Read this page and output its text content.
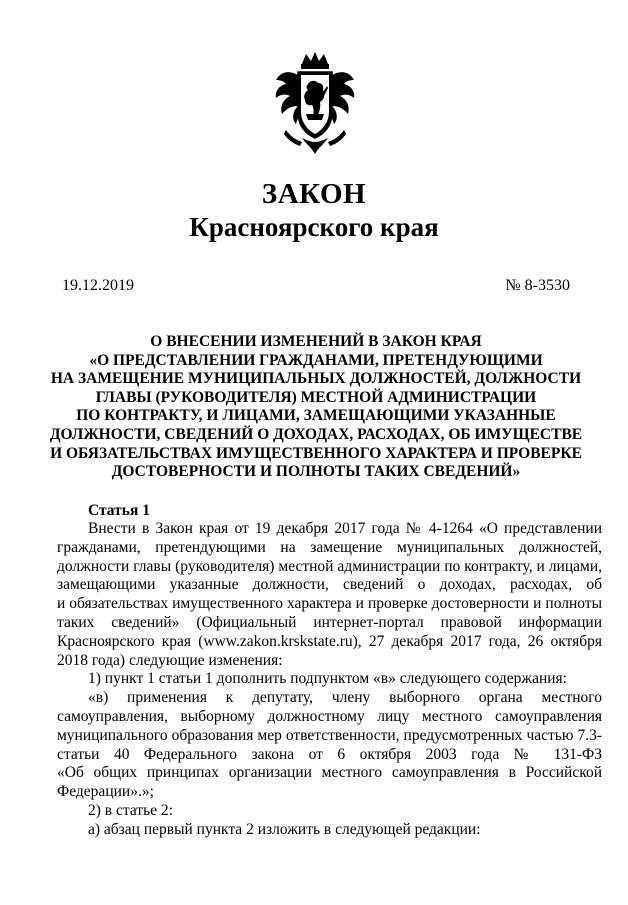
ЗАКОН
Красноярского края
19.12.2019	№ 8-3530
О ВНЕСЕНИИ ИЗМЕНЕНИЙ В ЗАКОН КРАЯ
«О ПРЕДСТАВЛЕНИИ ГРАЖДАНАМИ, ПРЕТЕНДУЮЩИМИ
НА ЗАМЕЩЕНИЕ МУНИЦИПАЛЬНЫХ ДОЛЖНОСТЕЙ, ДОЛЖНОСТИ
ГЛАВЫ (РУКОВОДИТЕЛЯ) МЕСТНОЙ АДМИНИСТРАЦИИ
ПО КОНТРАКТУ, И ЛИЦАМИ, ЗАМЕЩАЮЩИМИ УКАЗАННЫЕ
ДОЛЖНОСТИ, СВЕДЕНИЙ О ДОХОДАХ, РАСХОДАХ, ОБ ИМУЩЕСТВЕ
И ОБЯЗАТЕЛЬСТВАХ ИМУЩЕСТВЕННОГО ХАРАКТЕРА И ПРОВЕРКЕ
ДОСТОВЕРНОСТИ И ПОЛНОТЫ ТАКИХ СВЕДЕНИЙ»
Статья 1
Внести в Закон края от 19 декабря 2017 года № 4-1264 «О представлении
гражданами, претендующими на замещение муниципальных должностей,
должности главы (руководителя) местной администрации по контракту, и лицами,
замещающими указанные должности, сведений о доходах, расходах, об
и обязательствах имущественного характера и проверке достоверности и полноты
таких сведений» (Официальный интернет-портал правовой информации
Красноярского края (www.zakon.krskstate.ru), 27 декабря 2017 года, 26 октября
2018 года) следующие изменения:
1) пункт 1 статьи 1 дополнить подпунктом «в» следующего содержания:
«в) применения к депутату, члену выборного органа местного
самоуправления, выборному должностному лицу местного самоуправления
муниципального образования мер ответственности, предусмотренных частью 7.3-
статьи 40 Федерального закона от 6 октября 2003 года № 131-ФЗ
«Об общих принципах организации местного самоуправления в Российской
Федерации».»;
2) в статье 2:
а) абзац первый пункта 2 изложить в следующей редакции:
